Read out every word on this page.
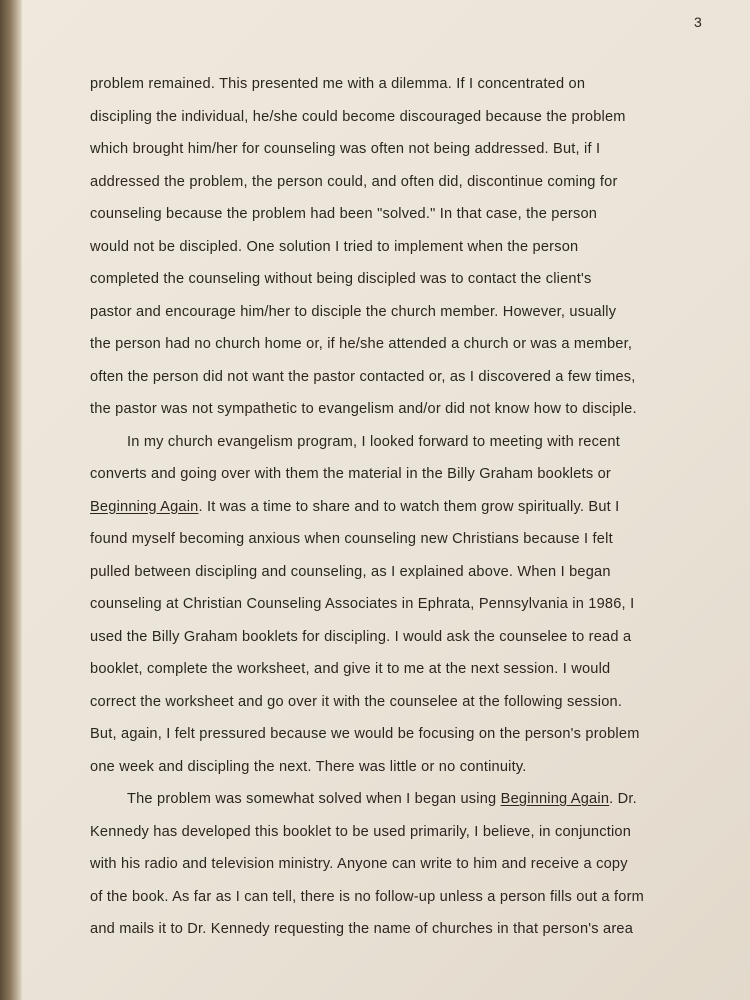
3
problem remained. This presented me with a dilemma. If I concentrated on
discipling the individual, he/she could become discouraged because the problem
which brought him/her for counseling was often not being addressed. But, if I
addressed the problem, the person could, and often did, discontinue coming for
counseling because the problem had been "solved." In that case, the person
would not be discipled. One solution I tried to implement when the person
completed the counseling without being discipled was to contact the client's
pastor and encourage him/her to disciple the church member. However, usually
the person had no church home or, if he/she attended a church or was a member,
often the person did not want the pastor contacted or, as I discovered a few times,
the pastor was not sympathetic to evangelism and/or did not know how to disciple.
In my church evangelism program, I looked forward to meeting with recent
converts and going over with them the material in the Billy Graham booklets or
Beginning Again. It was a time to share and to watch them grow spiritually. But I
found myself becoming anxious when counseling new Christians because I felt
pulled between discipling and counseling, as I explained above. When I began
counseling at Christian Counseling Associates in Ephrata, Pennsylvania in 1986, I
used the Billy Graham booklets for discipling. I would ask the counselee to read a
booklet, complete the worksheet, and give it to me at the next session. I would
correct the worksheet and go over it with the counselee at the following session.
But, again, I felt pressured because we would be focusing on the person's problem
one week and discipling the next. There was little or no continuity.
The problem was somewhat solved when I began using Beginning Again. Dr.
Kennedy has developed this booklet to be used primarily, I believe, in conjunction
with his radio and television ministry. Anyone can write to him and receive a copy
of the book. As far as I can tell, there is no follow-up unless a person fills out a form
and mails it to Dr. Kennedy requesting the name of churches in that person's area
